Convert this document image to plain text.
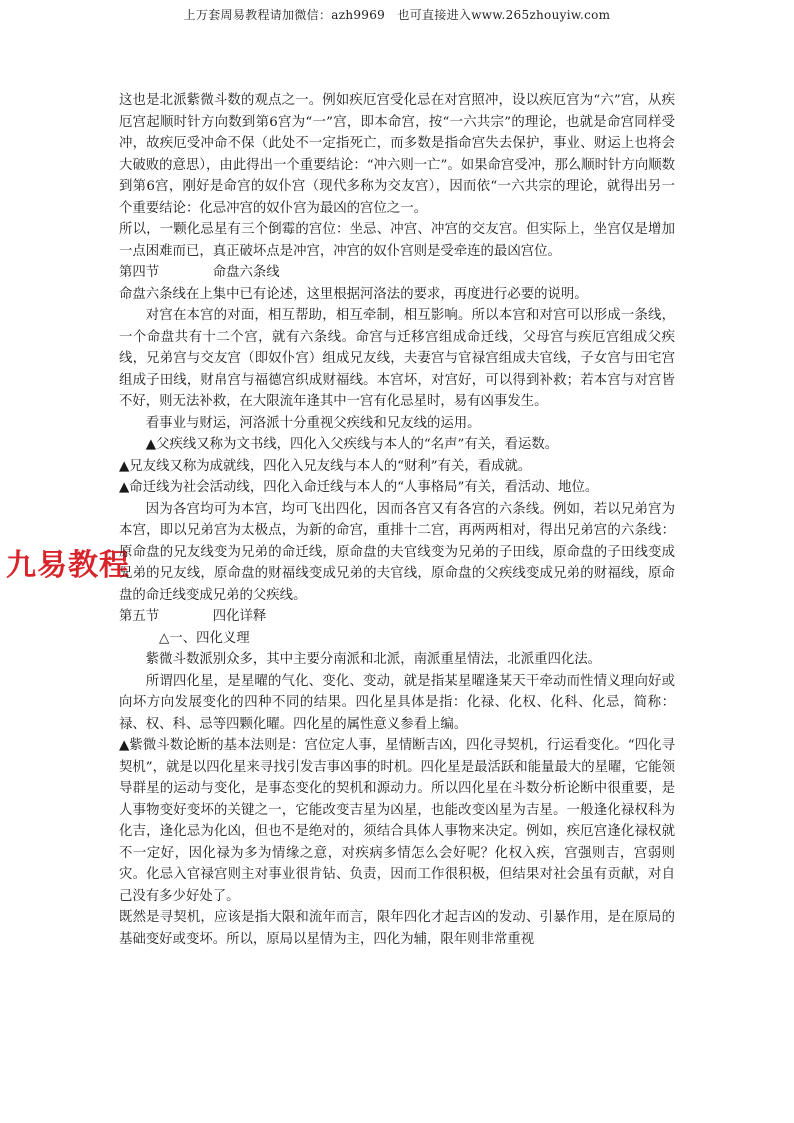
上万套周易教程请加微信：azh9969　也可直接进入www.265zhouyiw.com
九易教程

这也是北派紫微斗数的观点之一。例如疾厄宫受化忌在对宫照冲，设以疾厄宫为“六”宫，从疾厄宫起顺时针方向数到第6宫为“一”宫，即本命宫，按“一六共宗”的理论，也就是命宫同样受冲，故疾厄受冲命不保（此处不一定指死亡，而多数是指命宫失去保护，事业、财运上也将会大破败的意思），由此得出一个重要结论：“冲六则一亡”。如果命宫受冲，那么顺时针方向顺数到第6宫，刚好是命宫的奴仆宫（现代多称为交友宫），因而依“一六共宗的理论，就得出另一个重要结论：化忌冲宫的奴仆宫为最凶的宫位之一。

所以，一颗化忌星有三个倒霉的宫位：坐忌、冲宫、冲宫的交友宫。但实际上，坐宫仅是增加一点困难而已，真正破坏点是冲宫，冲宫的奴仆宫则是受牵连的最凶宫位。

第四节　　　　命盘六条线

命盘六条线在上集中已有论述，这里根据河洛法的要求，再度进行必要的说明。

对宫在本宫的对面，相互帮助，相互牵制，相互影响。所以本宫和对宫可以形成一条线，一个命盘共有十二个宫，就有六条线。命宫与迁移宫组成命迁线，父母宫与疾厄宫组成父疾线，兄弟宫与交友宫（即奴仆宫）组成兄友线，夫妻宫与官禄宫组成夫官线，子女宫与田宅宫组成子田线，财帛宫与福德宫织成财福线。本宫坏，对宫好，可以得到补救；若本宫与对宫皆不好，则无法补救，在大限流年逢其中一宫有化忌星时，易有凶事发生。

看事业与财运，河洛派十分重视父疾线和兄友线的运用。

▲父疾线又称为文书线，四化入父疾线与本人的“名声”有关，看运数。

▲兄友线又称为成就线，四化入兄友线与本人的“财利”有关，看成就。

▲命迁线为社会活动线，四化入命迁线与本人的“人事格局”有关，看活动、地位。

因为各宫均可为本宫，均可飞出四化，因而各宫又有各宫的六条线。例如，若以兄弟宫为本宫，即以兄弟宫为太极点，为新的命宫，重排十二宫，再两两相对，得出兄弟宫的六条线：原命盘的兄友线变为兄弟的命迁线，原命盘的夫官线变为兄弟的子田线，原命盘的子田线变成兄弟的兄友线，原命盘的财福线变成兄弟的夫官线，原命盘的父疾线变成兄弟的财福线，原命盘的命迁线变成兄弟的父疾线。

第五节　　　　四化详释

△一、四化义理

紫微斗数派别众多，其中主要分南派和北派，南派重星情法，北派重四化法。

所谓四化星，是星曜的气化、变化、变动，就是指某星曜逢某天干牵动而性情义理向好或向坏方向发展变化的四种不同的结果。四化星具体是指：化禄、化权、化科、化忌，简称：禄、权、科、忌等四颗化曜。四化星的属性意义参看上编。

▲紫微斗数论断的基本法则是：宫位定人事，星情断吉凶，四化寻契机，行运看变化。“四化寻契机”，就是以四化星来寻找引发吉事凶事的时机。四化星是最活跃和能量最大的星曜，它能领导群星的运动与变化，是事态变化的契机和源动力。所以四化星在斗数分析论断中很重要，是人事物变好变坏的关键之一，它能改变吉星为凶星，也能改变凶星为吉星。一般逢化禄权科为化吉，逢化忌为化凶，但也不是绝对的，须结合具体人事物来决定。例如，疾厄宫逢化禄权就不一定好，因化禄为多为情缘之意，对疾病多情怎么会好呢？化权入疾，宫强则吉，宫弱则灾。化忌入官禄宫则主对事业很肯钻、负责，因而工作很积极，但结果对社会虽有贡献，对自己没有多少好处了。

既然是寻契机，应该是指大限和流年而言，限年四化才起吉凶的发动、引暴作用，是在原局的基础变好或变坏。所以，原局以星情为主，四化为辅，限年则非常重视
